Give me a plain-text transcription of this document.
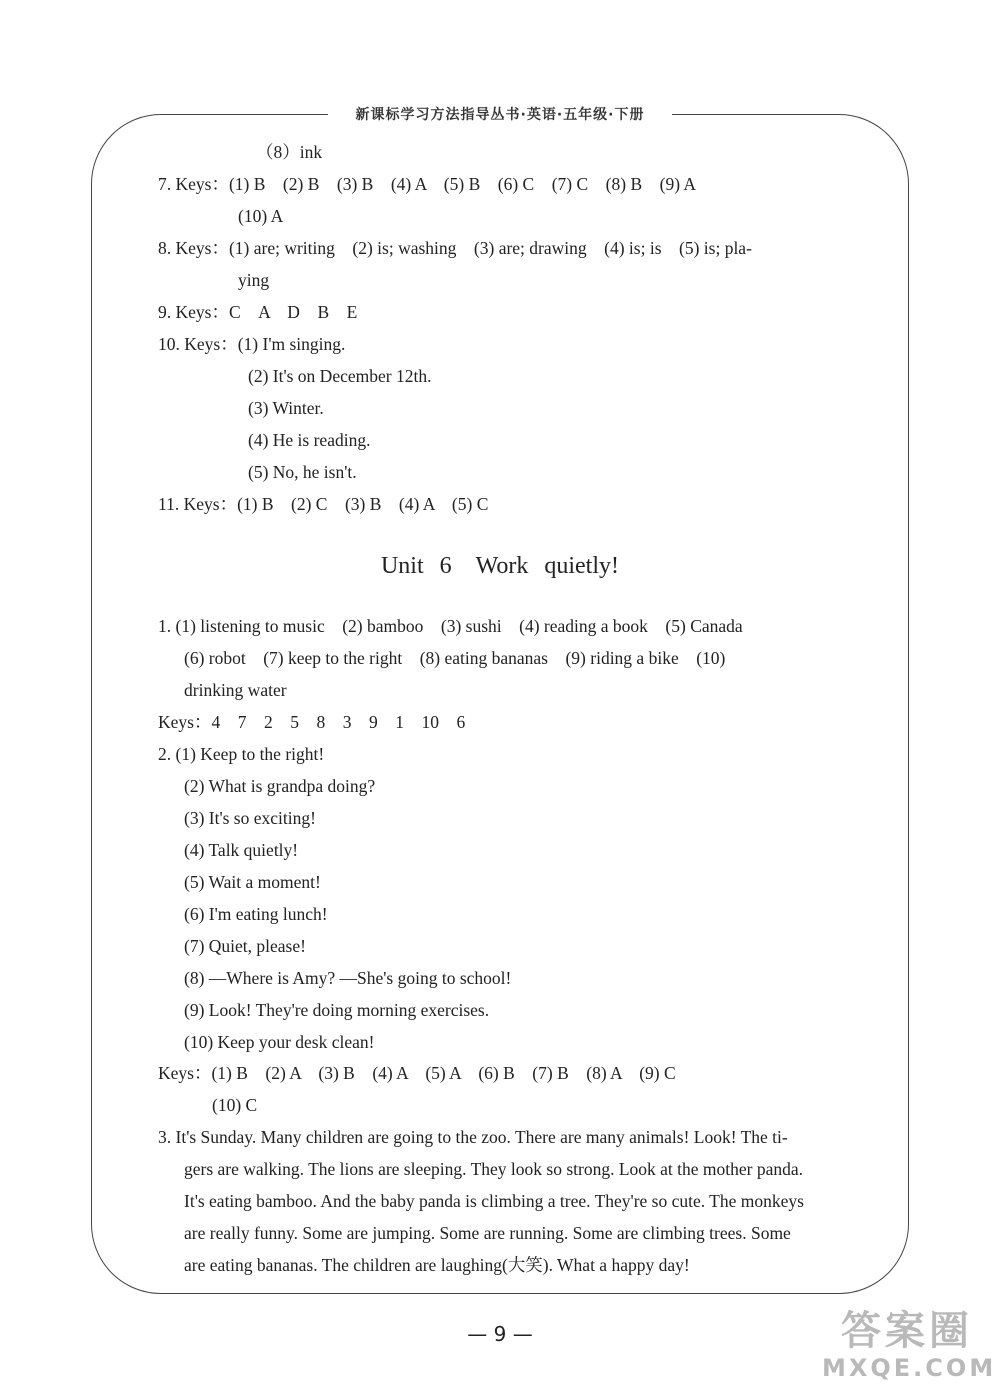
新课标学习方法指导丛书·英语·五年级·下册
（8）ink
7. Keys：(1) B　(2) B　(3) B　(4) A　(5) B　(6) C　(7) C　(8) B　(9) A
(10) A
8. Keys：(1) are; writing　(2) is; washing　(3) are; drawing　(4) is; is　(5) is; pla-
ying
9. Keys：C　A　D　B　E
10. Keys：(1) I'm singing.
(2) It's on December 12th.
(3) Winter.
(4) He is reading.
(5) No, he isn't.
11. Keys：(1) B　(2) C　(3) B　(4) A　(5) C
Unit 6　Work quietly!
1. (1) listening to music　(2) bamboo　(3) sushi　(4) reading a book　(5) Canada
(6) robot　(7) keep to the right　(8) eating bananas　(9) riding a bike　(10)
drinking water
Keys：4　7　2　5　8　3　9　1　10　6
2. (1) Keep to the right!
(2) What is grandpa doing?
(3) It's so exciting!
(4) Talk quietly!
(5) Wait a moment!
(6) I'm eating lunch!
(7) Quiet, please!
(8) —Where is Amy? —She's going to school!
(9) Look! They're doing morning exercises.
(10) Keep your desk clean!
Keys：(1) B　(2) A　(3) B　(4) A　(5) A　(6) B　(7) B　(8) A　(9) C
(10) C
3. It's Sunday. Many children are going to the zoo. There are many animals! Look! The ti-
gers are walking. The lions are sleeping. They look so strong. Look at the mother panda.
It's eating bamboo. And the baby panda is climbing a tree. They're so cute. The monkeys
are really funny. Some are jumping. Some are running. Some are climbing trees. Some
are eating bananas. The children are laughing(大笑). What a happy day!
— 9 —	答案圈
MXQE.COM
